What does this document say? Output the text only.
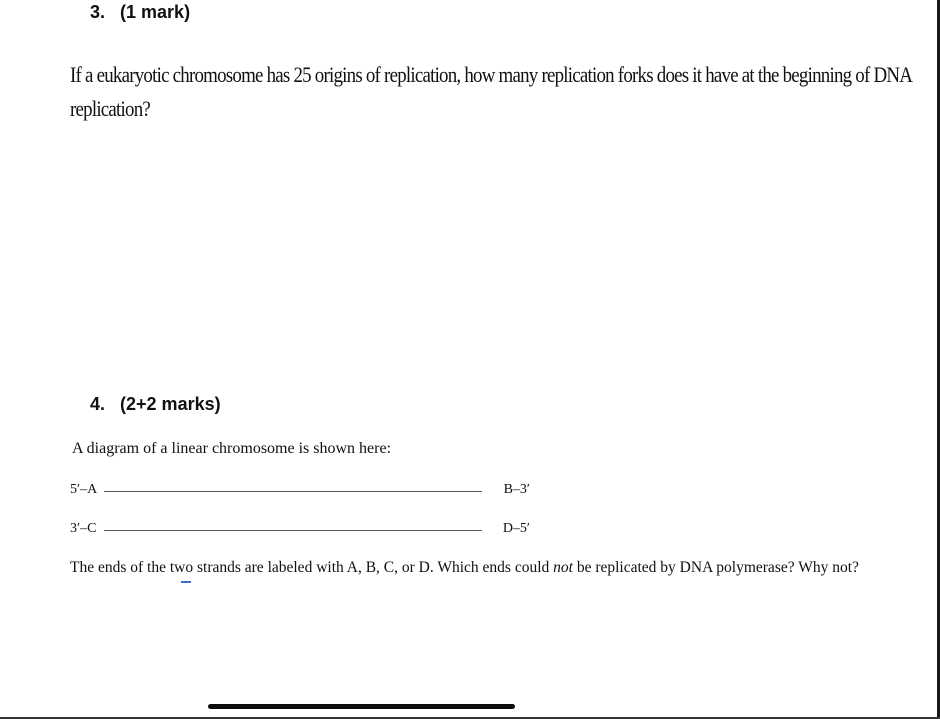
3. (1 mark)
If a eukaryotic chromosome has 25 origins of replication, how many replication forks does it have at the beginning of DNA
replication?
4. (2+2 marks)
A diagram of a linear chromosome is shown here:
5′–A	B–3′
3′–C	D–5′
The ends of the two strands are labeled with A, B, C, or D. Which ends could not be replicated by DNA polymerase? Why not?
